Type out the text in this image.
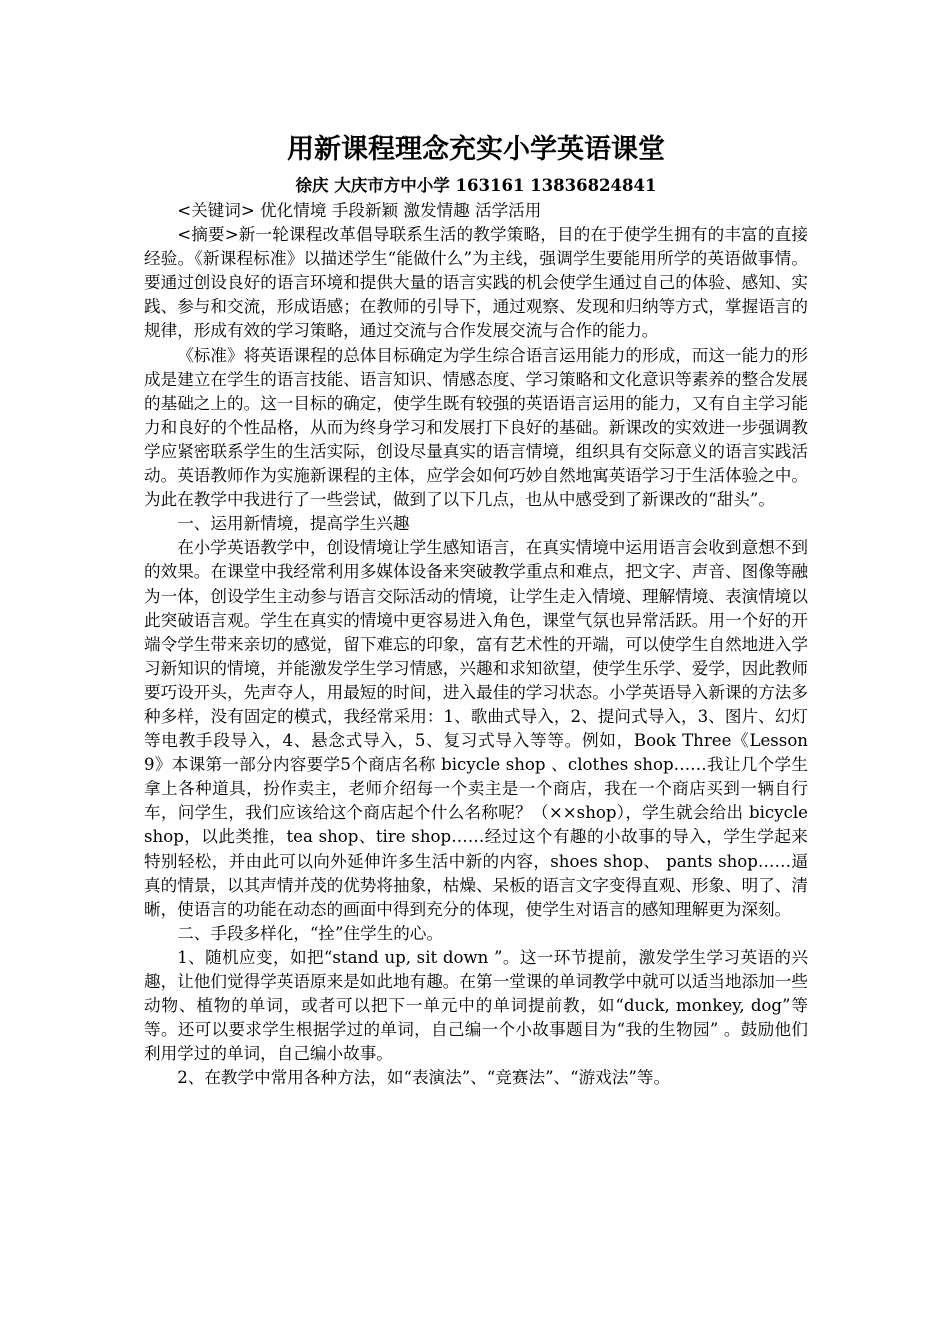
用新课程理念充实小学英语课堂

徐庆 大庆市方中小学 163161 13836824841

<关键词> 优化情境 手段新颖 激发情趣 活学活用

<摘要>新一轮课程改革倡导联系生活的教学策略，目的在于使学生拥有的丰富的直接经验。《新课程标准》以描述学生“能做什么”为主线，强调学生要能用所学的英语做事情。要通过创设良好的语言环境和提供大量的语言实践的机会使学生通过自己的体验、感知、实践、参与和交流，形成语感；在教师的引导下，通过观察、发现和归纳等方式，掌握语言的规律，形成有效的学习策略，通过交流与合作发展交流与合作的能力。

《标准》将英语课程的总体目标确定为学生综合语言运用能力的形成，而这一能力的形成是建立在学生的语言技能、语言知识、情感态度、学习策略和文化意识等素养的整合发展的基础之上的。这一目标的确定，使学生既有较强的英语语言运用的能力，又有自主学习能力和良好的个性品格，从而为终身学习和发展打下良好的基础。新课改的实效进一步强调教学应紧密联系学生的生活实际，创设尽量真实的语言情境，组织具有交际意义的语言实践活动。英语教师作为实施新课程的主体，应学会如何巧妙自然地寓英语学习于生活体验之中。为此在教学中我进行了一些尝试，做到了以下几点，也从中感受到了新课改的“甜头”。

一、运用新情境，提高学生兴趣

在小学英语教学中，创设情境让学生感知语言，在真实情境中运用语言会收到意想不到的效果。在课堂中我经常利用多媒体设备来突破教学重点和难点，把文字、声音、图像等融为一体，创设学生主动参与语言交际活动的情境，让学生走入情境、理解情境、表演情境以此突破语言观。学生在真实的情境中更容易进入角色，课堂气氛也异常活跃。用一个好的开端令学生带来亲切的感觉，留下难忘的印象，富有艺术性的开端，可以使学生自然地进入学习新知识的情境，并能激发学生学习情感，兴趣和求知欲望，使学生乐学、爱学，因此教师要巧设开头，先声夺人，用最短的时间，进入最佳的学习状态。小学英语导入新课的方法多种多样，没有固定的模式，我经常采用：1、歌曲式导入，2、提问式导入，3、图片、幻灯等电教手段导入，4、悬念式导入，5、复习式导入等等。例如，Book Three《Lesson 9》本课第一部分内容要学5个商店名称 bicycle shop 、clothes shop……我让几个学生拿上各种道具，扮作卖主，老师介绍每一个卖主是一个商店，我在一个商店买到一辆自行车，问学生，我们应该给这个商店起个什么名称呢？（××shop），学生就会给出 bicycle shop，以此类推，tea shop、tire shop……经过这个有趣的小故事的导入，学生学起来特别轻松，并由此可以向外延伸许多生活中新的内容，shoes shop、 pants shop……逼真的情景，以其声情并茂的优势将抽象，枯燥、呆板的语言文字变得直观、形象、明了、清晰，使语言的功能在动态的画面中得到充分的体现，使学生对语言的感知理解更为深刻。

二、手段多样化，“拴”住学生的心。

1、随机应变，如把“stand up, sit down ”。这一环节提前，激发学生学习英语的兴趣，让他们觉得学英语原来是如此地有趣。在第一堂课的单词教学中就可以适当地添加一些动物、植物的单词，或者可以把下一单元中的单词提前教，如“duck, monkey, dog”等等。还可以要求学生根据学过的单词，自己编一个小故事题目为“我的生物园” 。鼓励他们利用学过的单词，自己编小故事。

2、在教学中常用各种方法，如“表演法”、“竞赛法”、“游戏法”等。
